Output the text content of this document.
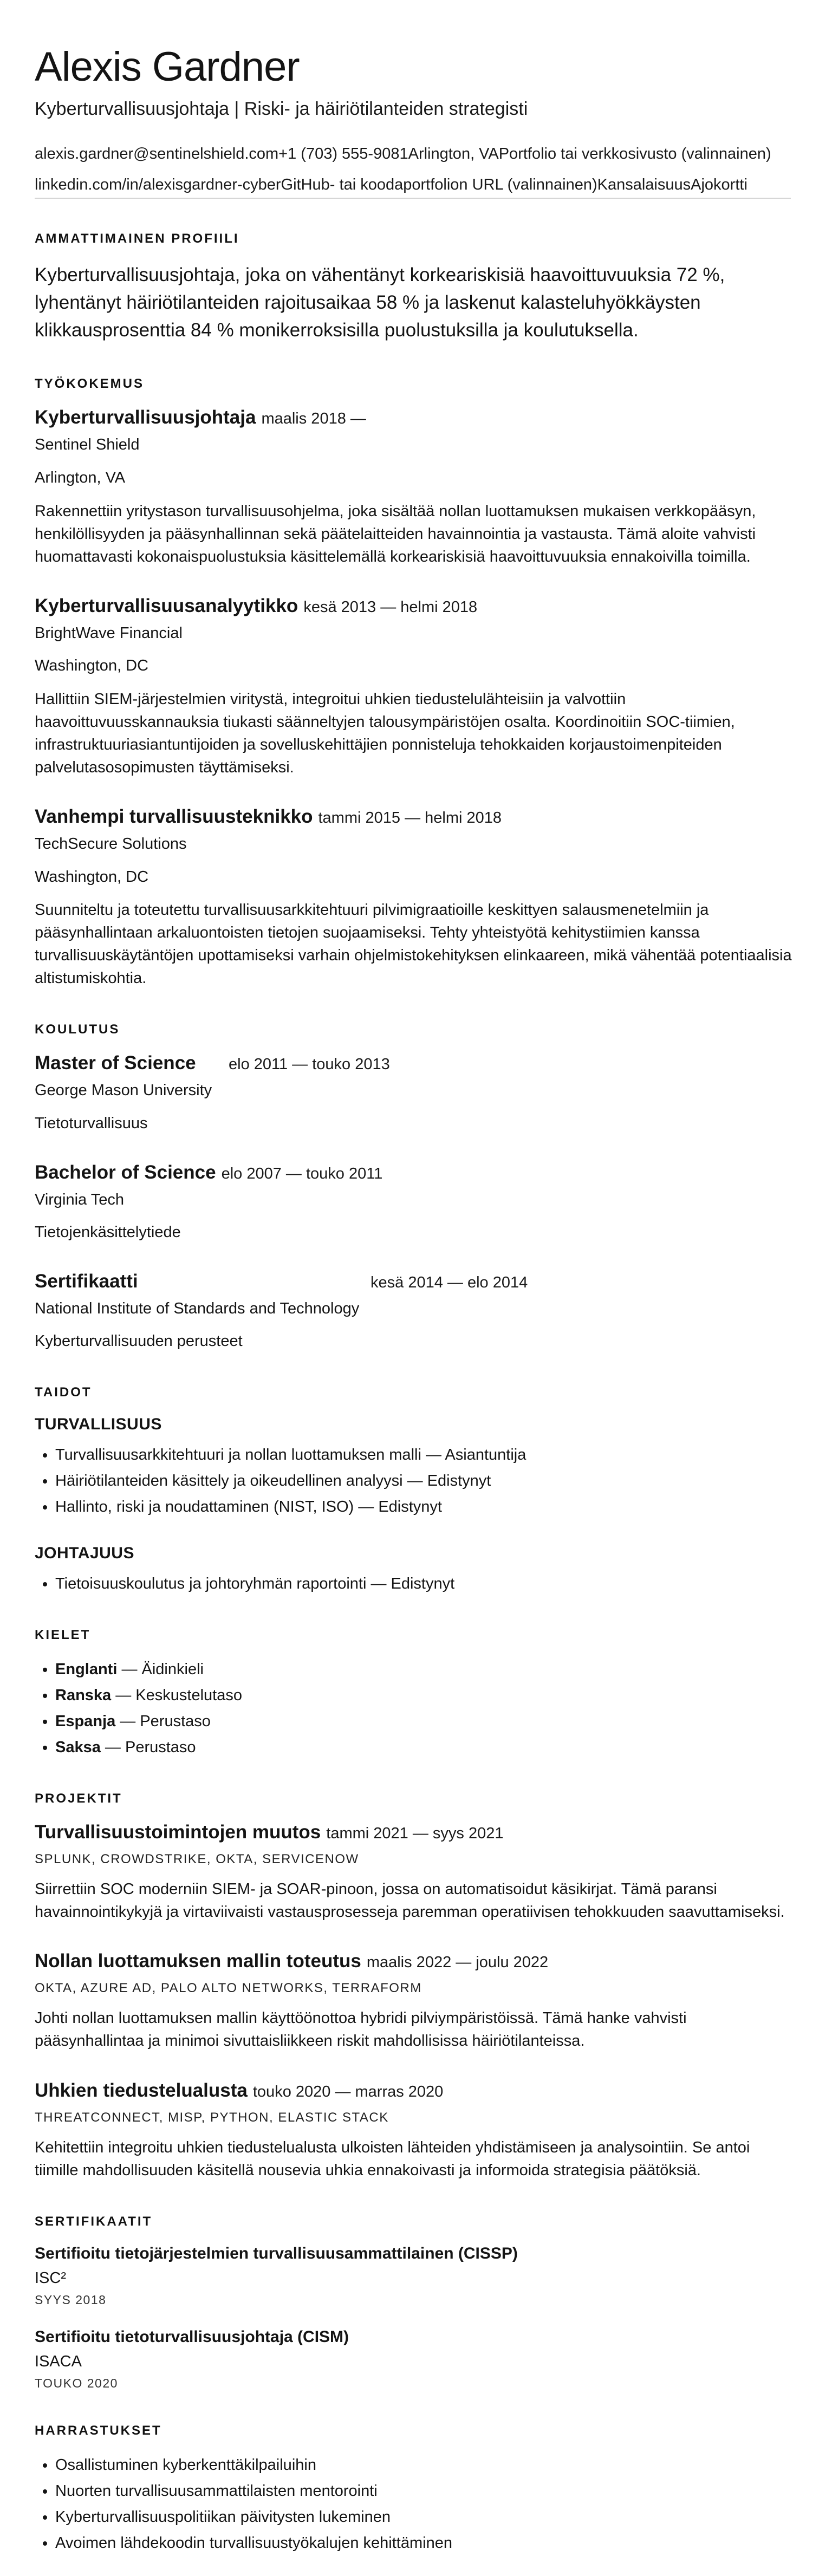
Alexis Gardner
Kyberturvallisuusjohtaja | Riski- ja häiriötilanteiden strategisti
alexis.gardner@sentinelshield.com+1 (703) 555-9081Arlington, VAPortfolio tai verkkosivusto (valinnainen)
linkedin.com/in/alexisgardner-cyberGitHub- tai koodaportfolion URL (valinnainen)KansalaisuusAjokortti
AMMATTIMAINEN PROFIILI

Kyberturvallisuusjohtaja, joka on vähentänyt korkeariskisiä haavoittuvuuksia 72 %, lyhentänyt häiriötilanteiden rajoitusaikaa 58 % ja laskenut kalasteluhyökkäysten klikkausprosenttia 84 % monikerroksisilla puolustuksilla ja koulutuksella.

TYÖKOKEMUS
Kyberturvallisuusjohtaja maalis 2018 —
Sentinel Shield
Arlington, VA
Rakennettiin yritystason turvallisuusohjelma, joka sisältää nollan luottamuksen mukaisen verkkopääsyn, henkilöllisyyden ja pääsynhallinnan sekä päätelaitteiden havainnointia ja vastausta. Tämä aloite vahvisti huomattavasti kokonaispuolustuksia käsittelemällä korkeariskisiä haavoittuvuuksia ennakoivilla toimilla.
Kyberturvallisuusanalyytikko kesä 2013 — helmi 2018
BrightWave Financial
Washington, DC
Hallittiin SIEM-järjestelmien viritystä, integroitui uhkien tiedustelulähteisiin ja valvottiin haavoittuvuusskannauksia tiukasti säänneltyjen talousympäristöjen osalta. Koordinoitiin SOC-tiimien, infrastruktuuriasiantuntijoiden ja sovelluskehittäjien ponnisteluja tehokkaiden korjaustoimenpiteiden palvelutasosopimusten täyttämiseksi.
Vanhempi turvallisuusteknikko tammi 2015 — helmi 2018
TechSecure Solutions
Washington, DC
Suunniteltu ja toteutettu turvallisuusarkkitehtuuri pilvimigraatioille keskittyen salausmenetelmiin ja pääsynhallintaan arkaluontoisten tietojen suojaamiseksi. Tehty yhteistyötä kehitystiimien kanssa turvallisuuskäytäntöjen upottamiseksi varhain ohjelmistokehityksen elinkaareen, mikä vähentää potentiaalisia altistumiskohtia.
KOULUTUS
Master of Science	elo 2011 — touko 2013
George Mason University
Tietoturvallisuus
Bachelor of Science elo 2007 — touko 2011
Virginia Tech
Tietojenkäsittelytiede
Sertifikaatti	kesä 2014 — elo 2014
National Institute of Standards and Technology
Kyberturvallisuuden perusteet
TAIDOT
TURVALLISUUS
• Turvallisuusarkkitehtuuri ja nollan luottamuksen malli — Asiantuntija
• Häiriötilanteiden käsittely ja oikeudellinen analyysi — Edistynyt
• Hallinto, riski ja noudattaminen (NIST, ISO) — Edistynyt
JOHTAJUUS
• Tietoisuuskoulutus ja johtoryhmän raportointi — Edistynyt
KIELET
• Englanti — Äidinkieli
• Ranska — Keskustelutaso
• Espanja — Perustaso
• Saksa — Perustaso
PROJEKTIT
Turvallisuustoimintojen muutos tammi 2021 — syys 2021
SPLUNK, CROWDSTRIKE, OKTA, SERVICENOW
Siirrettiin SOC moderniin SIEM- ja SOAR-pinoon, jossa on automatisoidut käsikirjat. Tämä paransi havainnointikykyjä ja virtaviivaisti vastausprosesseja paremman operatiivisen tehokkuuden saavuttamiseksi.
Nollan luottamuksen mallin toteutus maalis 2022 — joulu 2022
OKTA, AZURE AD, PALO ALTO NETWORKS, TERRAFORM
Johti nollan luottamuksen mallin käyttöönottoa hybridi pilviympäristöissä. Tämä hanke vahvisti pääsynhallintaa ja minimoi sivuttaisliikkeen riskit mahdollisissa häiriötilanteissa.
Uhkien tiedustelualusta touko 2020 — marras 2020
THREATCONNECT, MISP, PYTHON, ELASTIC STACK
Kehitettiin integroitu uhkien tiedustelualusta ulkoisten lähteiden yhdistämiseen ja analysointiin. Se antoi tiimille mahdollisuuden käsitellä nousevia uhkia ennakoivasti ja informoida strategisia päätöksiä.
SERTIFIKAATIT
Sertifioitu tietojärjestelmien turvallisuusammattilainen (CISSP)
ISC²
SYYS 2018
Sertifioitu tietoturvallisuusjohtaja (CISM)
ISACA
TOUKO 2020
HARRASTUKSET
• Osallistuminen kyberkenttäkilpailuihin
• Nuorten turvallisuusammattilaisten mentorointi
• Kyberturvallisuuspolitiikan päivitysten lukeminen
• Avoimen lähdekoodin turvallisuustyökalujen kehittäminen
